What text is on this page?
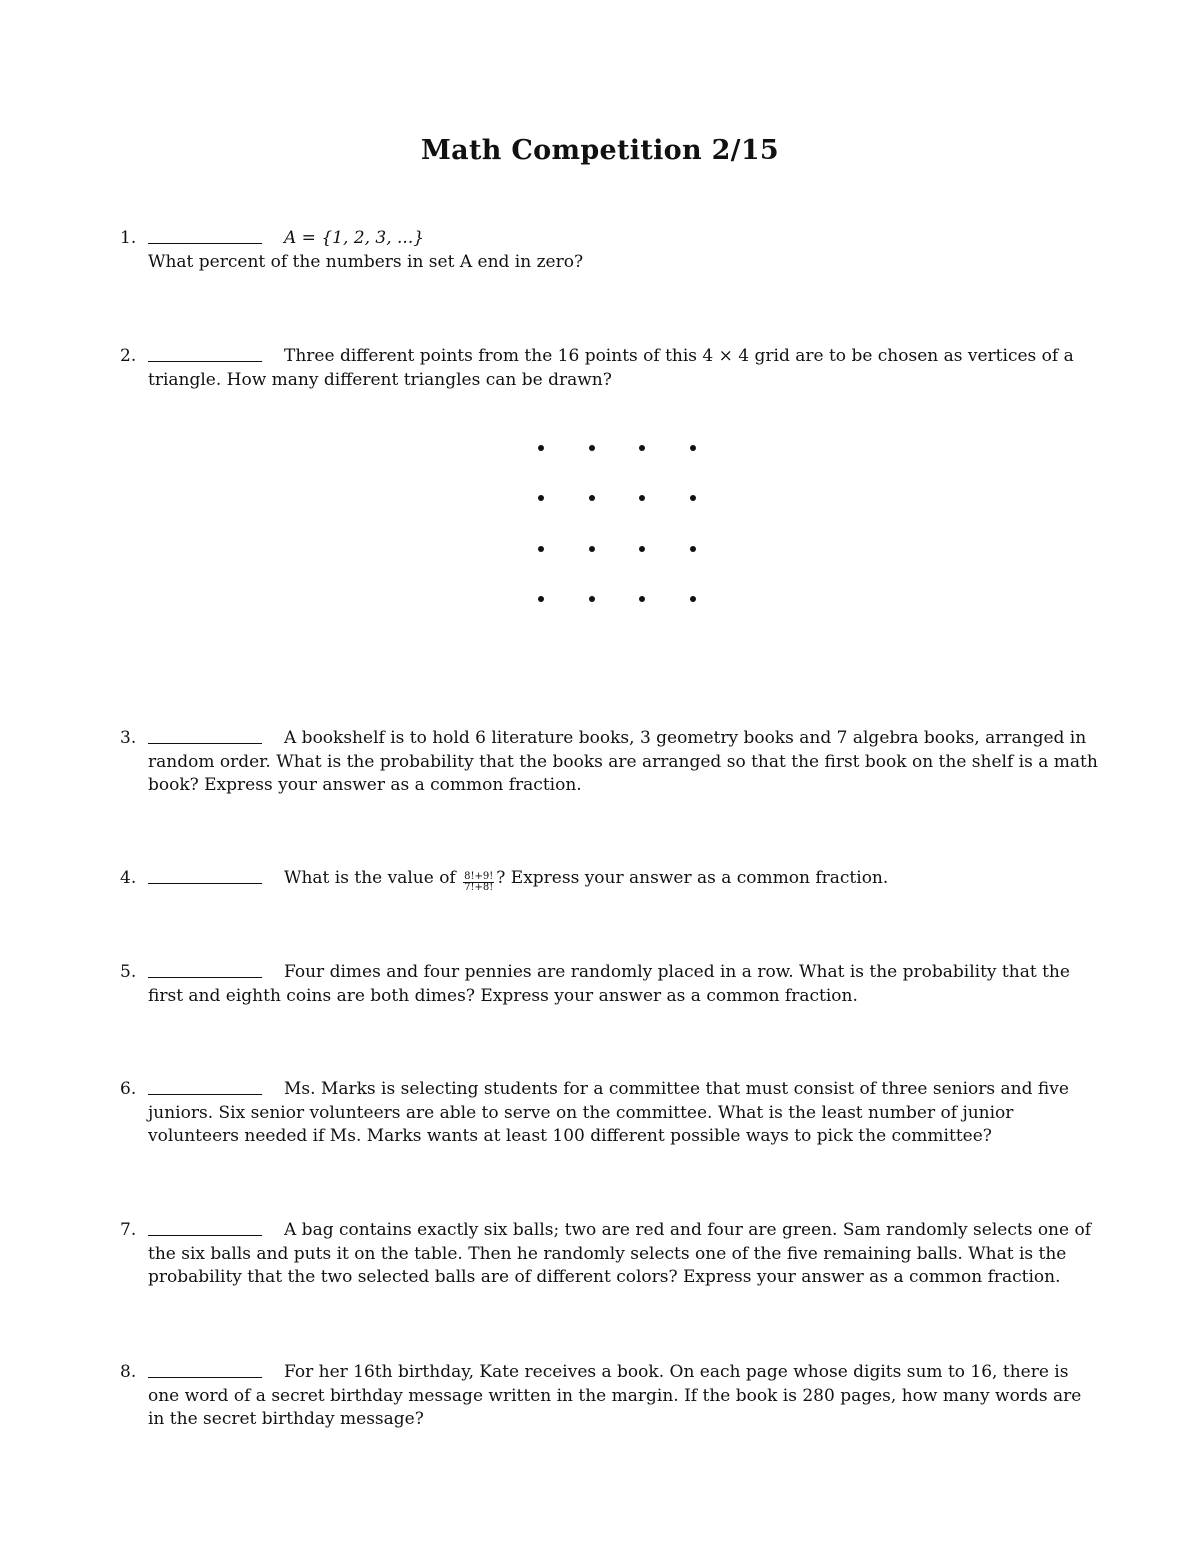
Math Competition 2/15
1.	A = {1, 2, 3, ...}
What percent of the numbers in set A end in zero?
2.	Three different points from the 16 points of this 4 × 4 grid are to be chosen as vertices of a triangle. How many different triangles can be drawn?
3.	A bookshelf is to hold 6 literature books, 3 geometry books and 7 algebra books, arranged in random order. What is the probability that the books are arranged so that the first book on the shelf is a math book? Express your answer as a common fraction.
4.	What is the value of $\frac{8!+9!}{7!+8!}$ ? Express your answer as a common fraction.
5.	Four dimes and four pennies are randomly placed in a row. What is the probability that the first and eighth coins are both dimes? Express your answer as a common fraction.
6.	Ms. Marks is selecting students for a committee that must consist of three seniors and five juniors. Six senior volunteers are able to serve on the committee. What is the least number of junior volunteers needed if Ms. Marks wants at least 100 different possible ways to pick the committee?
7.	A bag contains exactly six balls; two are red and four are green. Sam randomly selects one of the six balls and puts it on the table. Then he randomly selects one of the five remaining balls. What is the probability that the two selected balls are of different colors? Express your answer as a common fraction.
8.	For her 16th birthday, Kate receives a book. On each page whose digits sum to 16, there is one word of a secret birthday message written in the margin. If the book is 280 pages, how many words are in the secret birthday message?
